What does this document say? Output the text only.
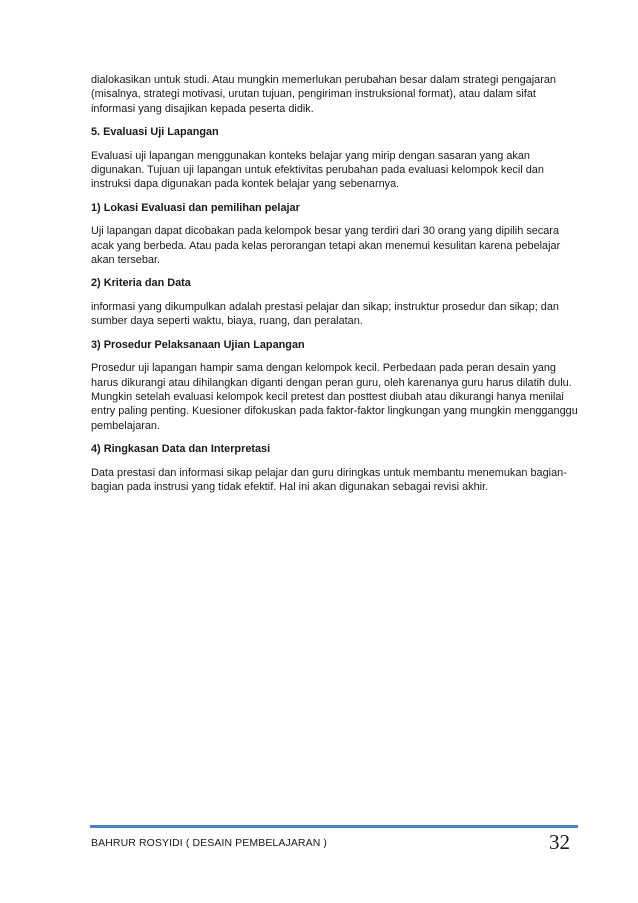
dialokasikan untuk studi. Atau mungkin memerlukan perubahan besar dalam strategi pengajaran (misalnya, strategi motivasi, urutan tujuan, pengiriman instruksional format), atau dalam sifat informasi yang disajikan kepada peserta didik.

5. Evaluasi Uji Lapangan

Evaluasi uji lapangan menggunakan konteks belajar yang mirip dengan sasaran yang akan digunakan. Tujuan uji lapangan untuk efektivitas perubahan pada evaluasi kelompok kecil dan instruksi dapa digunakan pada kontek belajar yang sebenarnya.

1) Lokasi Evaluasi dan pemilihan pelajar

Uji lapangan dapat dicobakan pada kelompok besar yang terdiri dari 30 orang yang dipilih secara acak yang berbeda. Atau pada kelas perorangan tetapi akan menemui kesulitan karena pebelajar akan tersebar.

2) Kriteria dan Data

informasi yang dikumpulkan adalah prestasi pelajar dan sikap; instruktur prosedur dan sikap; dan sumber daya seperti waktu, biaya, ruang, dan peralatan.

3) Prosedur Pelaksanaan Ujian Lapangan

Prosedur uji lapangan hampir sama dengan kelompok kecil. Perbedaan pada peran desain yang harus dikurangi atau dihilangkan diganti dengan peran guru, oleh karenanya guru harus dilatih dulu. Mungkin setelah evaluasi kelompok kecil pretest dan posttest diubah atau dikurangi hanya menilai entry paling penting. Kuesioner difokuskan pada faktor-faktor lingkungan yang mungkin mengganggu pembelajaran.

4) Ringkasan Data dan Interpretasi

Data prestasi dan informasi sikap pelajar dan guru diringkas untuk membantu menemukan bagian-bagian pada instrusi yang tidak efektif. Hal ini akan digunakan sebagai revisi akhir.

BAHRUR ROSYIDI ( DESAIN PEMBELAJARAN )	32
